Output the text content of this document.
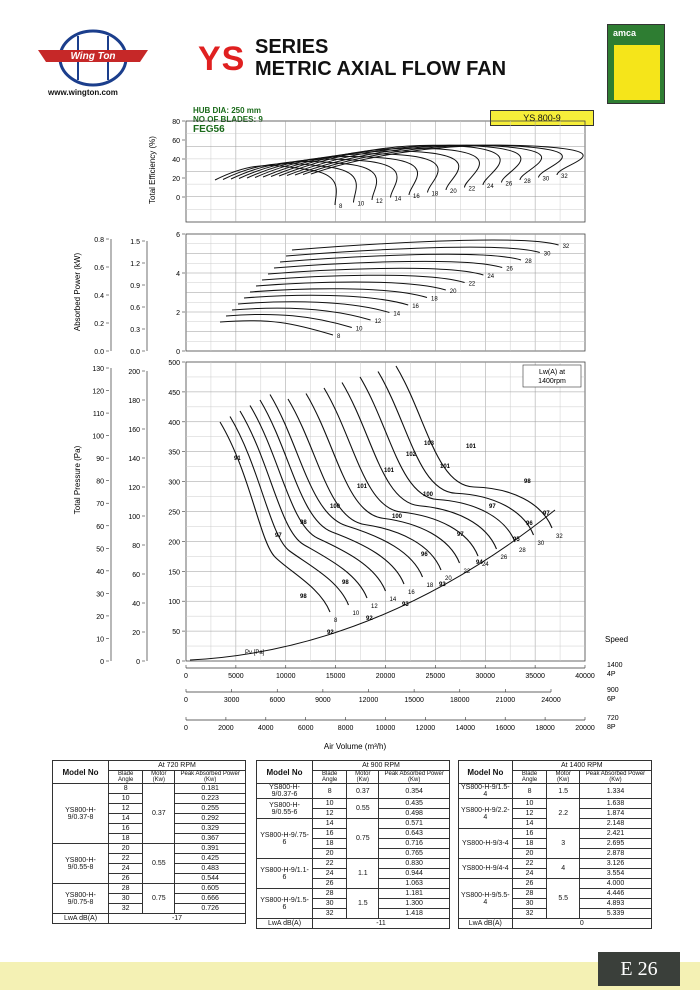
Wing Ton
www.wington.com
YS SERIES
METRIC AXIAL FLOW FAN
amca
HUB DIA: 250 mm
NO OF BLADES: 9
FEG56
YS 800-9
80
60
40
20
0
6
4
2
0
1.5
1.2
0.9
0.6
0.3
0.0
0.8
0.6
0.4
0.2
0.0
500
450
400
350
300
250
200
150
100
50
0
200
180
160
140
120
100
80
60
40
20
0
130
120
110
100
90
80
70
60
50
40
30
20
10
0
Total Efficiency (%)
Absorbed Power (kW)
Total Pressure (Pa)
0	5000	10000	15000	20000	25000	30000	35000	40000
0	3000	6000	9000	12000	15000	18000	21000	24000
0	2000	4000	6000	8000	10000	12000	14000	16000	18000	20000
Air Volume (m³/h)
Speed
1400
4P
900
6P
720
8P
Lw(A) at
1400rpm
8	10 12 14 16 18 20 22 24 26 28 30 32
8
10
12
14
16
18
20
22
24
26
28
30
32
8
10
12
14
16
18
20
22
24
26
28
30
32
Pv [Pa]
91
97
98
98
98
92
92
100
101
101
102
103	101
101
100
100
97
96
97
93
93
94
95
96
98
97
Model No	At 720 RPM		
	Blade Angle	Motor (Kw)	Peak Absorbed Power (Kw)
YS800-H-9/0.37-8	8	0.37	0.181
	10		0.223
	12		0.255
	14		0.292
	16		0.329
	18		0.367
YS800-H-9/0.55-8	20	0.55	0.391
	22		0.425
	24		0.483
	26		0.544
YS800-H-9/0.75-8	28	0.75	0.605
	30		0.666
	32		0.726
LwA dB(A)	-17		
Model No	At 900 RPM		
	Blade Angle	Motor (Kw)	Peak Absorbed Power (Kw)
YS800-H-9/0.37-6	8	0.37	0.354
YS800-H-9/0.55-6	10	0.55	0.435
	12		0.498
YS800-H-9/.75-6	14	0.75	0.571
	16		0.643
	18		0.716
	20		0.765
YS800-H-9/1.1-6	22	1.1	0.830
	24		0.944
	26		1.063
YS800-H-9/1.5-6	28	1.5	1.181
	30		1.300
	32		1.418
LwA dB(A)	-11		
Model No	At 1400 RPM		
	Blade Angle	Motor (Kw)	Peak Absorbed Power (Kw)
YS800-H-9/1.5-4	8	1.5	1.334
YS800-H-9/2.2-4	10	2.2	1.638
	12		1.874
	14		2.148
YS800-H-9/3-4	16	3	2.421
	18		2.695
	20		2.878
YS800-H-9/4-4	22	4	3.126
	24		3.554
YS800-H-9/5.5-4	26	5.5	4.000
	28		4.446
	30		4.893
	32		5.339
LwA dB(A)	0		
E 26
